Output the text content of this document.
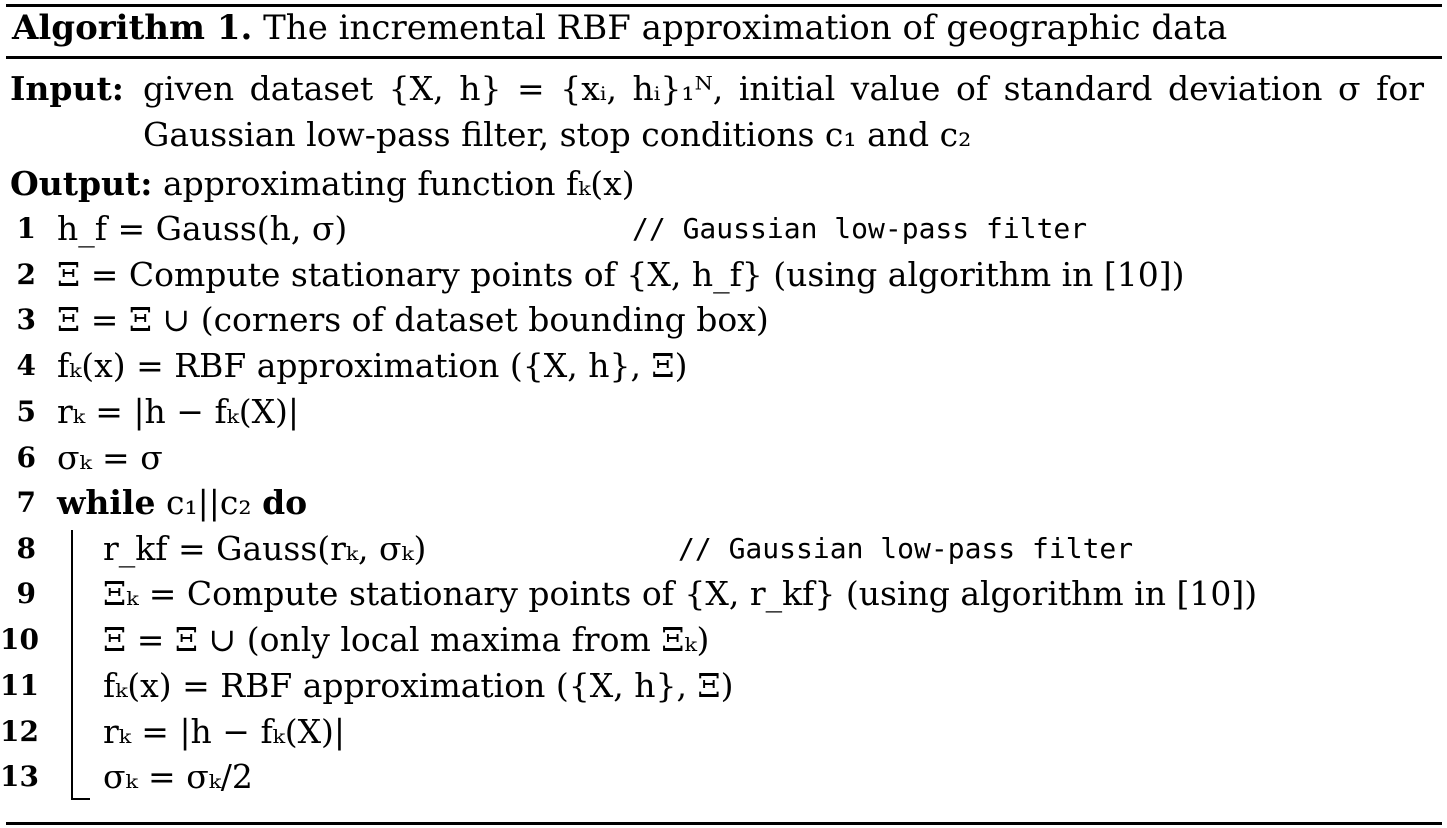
Algorithm 1. The incremental RBF approximation of geographic data
Input: given dataset {X, h} = {xᵢ, hᵢ}₁ᴺ, initial value of standard deviation σ for Gaussian low-pass filter, stop conditions c₁ and c₂
Output: approximating function fₖ(x)
1 h_f = Gauss(h, σ)	// Gaussian low-pass filter
2 Ξ = Compute stationary points of {X, h_f} (using algorithm in [10])
3 Ξ = Ξ ∪ (corners of dataset bounding box)
4 fₖ(x) = RBF approximation ({X, h}, Ξ)
5 rₖ = |h − fₖ(X)|
6 σₖ = σ
7 while c₁||c₂ do
8 r_kf = Gauss(rₖ, σₖ)	// Gaussian low-pass filter
9 Ξₖ = Compute stationary points of {X, r_kf} (using algorithm in [10])
10 Ξ = Ξ ∪ (only local maxima from Ξₖ)
11 fₖ(x) = RBF approximation ({X, h}, Ξ)
12 rₖ = |h − fₖ(X)|
13 σₖ = σₖ/2
